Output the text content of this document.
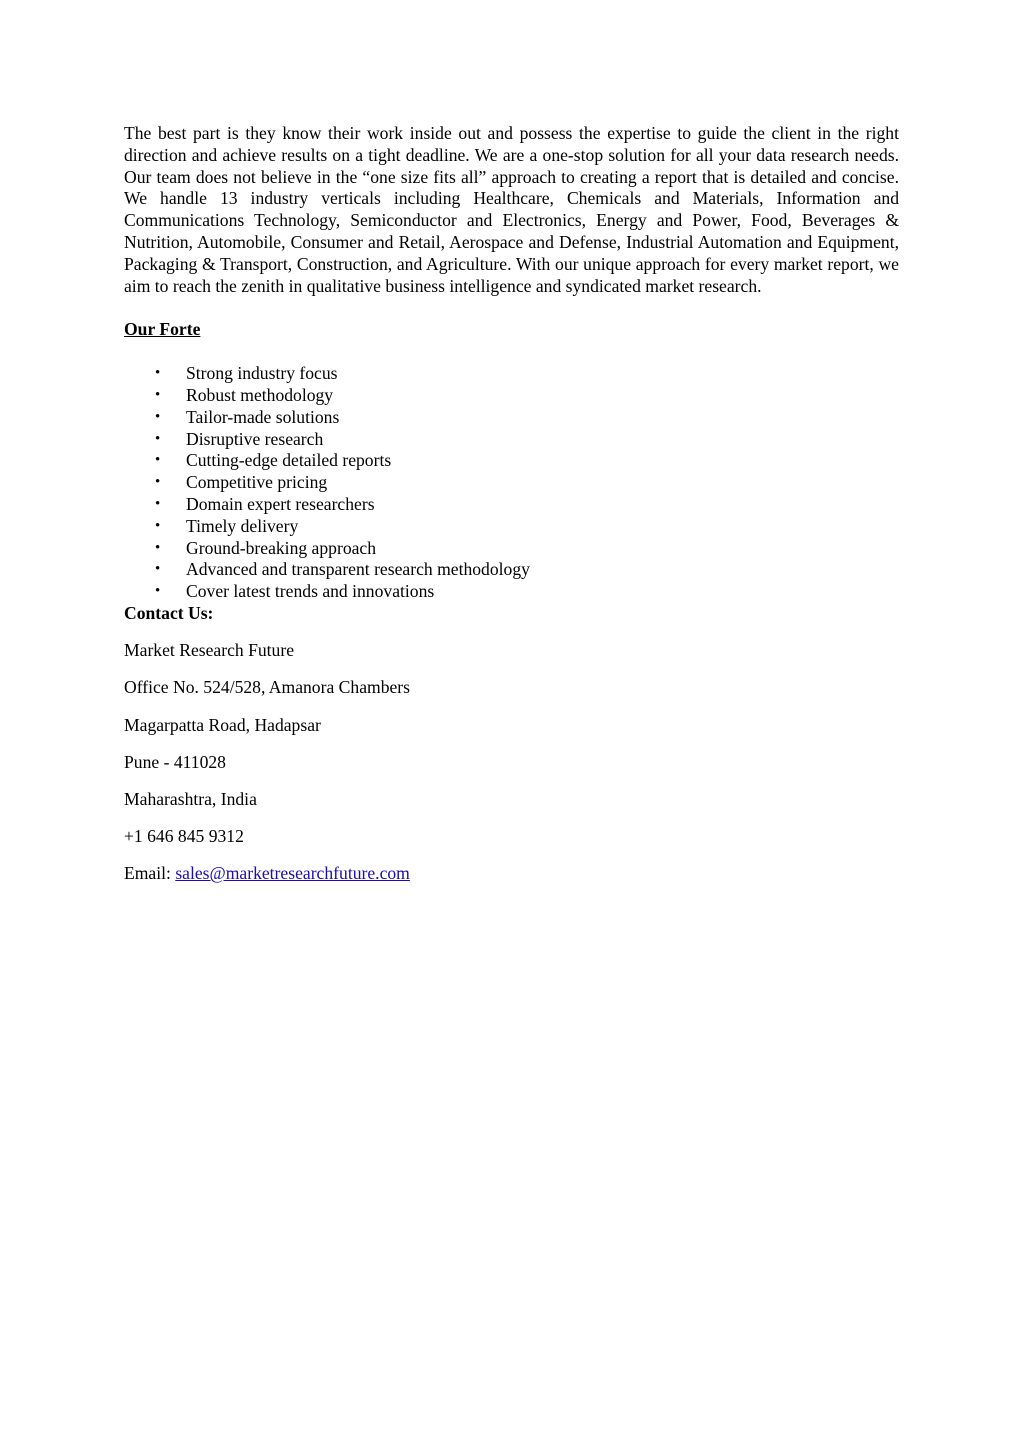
The best part is they know their work inside out and possess the expertise to guide the client in the right direction and achieve results on a tight deadline. We are a one-stop solution for all your data research needs. Our team does not believe in the “one size fits all” approach to creating a report that is detailed and concise. We handle 13 industry verticals including Healthcare, Chemicals and Materials, Information and Communications Technology, Semiconductor and Electronics, Energy and Power, Food, Beverages & Nutrition, Automobile, Consumer and Retail, Aerospace and Defense, Industrial Automation and Equipment, Packaging & Transport, Construction, and Agriculture. With our unique approach for every market report, we aim to reach the zenith in qualitative business intelligence and syndicated market research.

Our Forte
• Strong industry focus
• Robust methodology
• Tailor-made solutions
• Disruptive research
• Cutting-edge detailed reports
• Competitive pricing
• Domain expert researchers
• Timely delivery
• Ground-breaking approach
• Advanced and transparent research methodology
• Cover latest trends and innovations

Contact Us:

Market Research Future

Office No. 524/528, Amanora Chambers

Magarpatta Road, Hadapsar

Pune - 411028

Maharashtra, India

+1 646 845 9312

Email: sales@marketresearchfuture.com
